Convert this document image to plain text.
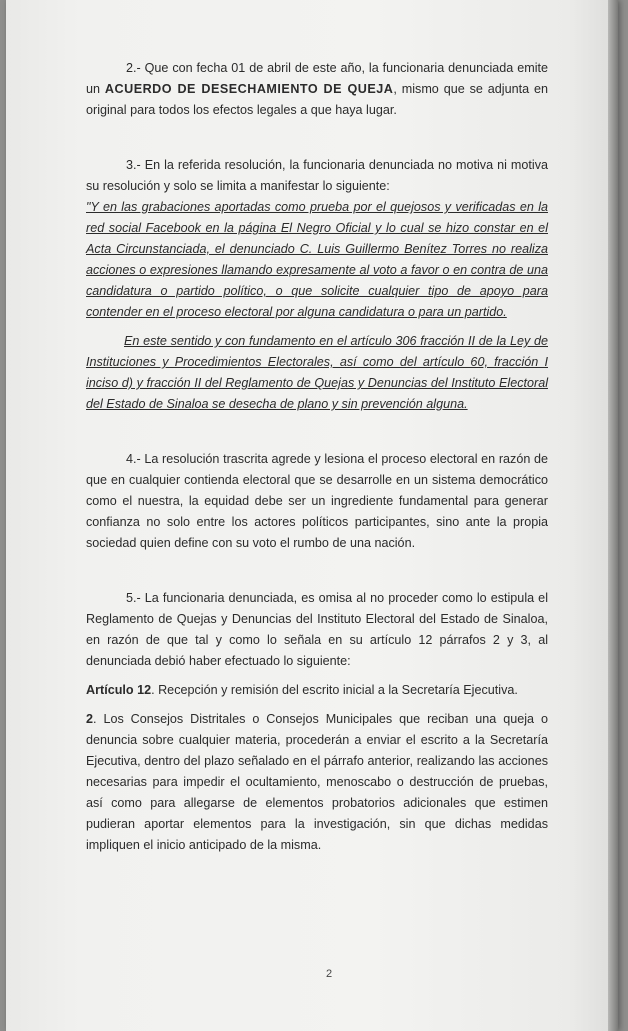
2.- Que con fecha 01 de abril de este año, la funcionaria denunciada emite un ACUERDO DE DESECHAMIENTO DE QUEJA, mismo que se adjunta en original para todos los efectos legales a que haya lugar.

3.- En la referida resolución, la funcionaria denunciada no motiva ni motiva su resolución y solo se limita a manifestar lo siguiente:

"Y en las grabaciones aportadas como prueba por el quejosos y verificadas en la red social Facebook en la página El Negro Oficial y lo cual se hizo constar en el Acta Circunstanciada, el denunciado C. Luis Guillermo Benítez Torres no realiza acciones o expresiones llamando expresamente al voto a favor o en contra de una candidatura o partido político, o que solicite cualquier tipo de apoyo para contender en el proceso electoral por alguna candidatura o para un partido.

En este sentido y con fundamento en el artículo 306 fracción II de la Ley de Instituciones y Procedimientos Electorales, así como del artículo 60, fracción I inciso d) y fracción II del Reglamento de Quejas y Denuncias del Instituto Electoral del Estado de Sinaloa se desecha de plano y sin prevención alguna.

4.- La resolución trascrita agrede y lesiona el proceso electoral en razón de que en cualquier contienda electoral que se desarrolle en un sistema democrático como el nuestra, la equidad debe ser un ingrediente fundamental para generar confianza no solo entre los actores políticos participantes, sino ante la propia sociedad quien define con su voto el rumbo de una nación.

5.- La funcionaria denunciada, es omisa al no proceder como lo estipula el Reglamento de Quejas y Denuncias del Instituto Electoral del Estado de Sinaloa, en razón de que tal y como lo señala en su artículo 12 párrafos 2 y 3, al denunciada debió haber efectuado lo siguiente:

Artículo 12. Recepción y remisión del escrito inicial a la Secretaría Ejecutiva.

2. Los Consejos Distritales o Consejos Municipales que reciban una queja o denuncia sobre cualquier materia, procederán a enviar el escrito a la Secretaría Ejecutiva, dentro del plazo señalado en el párrafo anterior, realizando las acciones necesarias para impedir el ocultamiento, menoscabo o destrucción de pruebas, así como para allegarse de elementos probatorios adicionales que estimen pudieran aportar elementos para la investigación, sin que dichas medidas impliquen el inicio anticipado de la misma.

2
